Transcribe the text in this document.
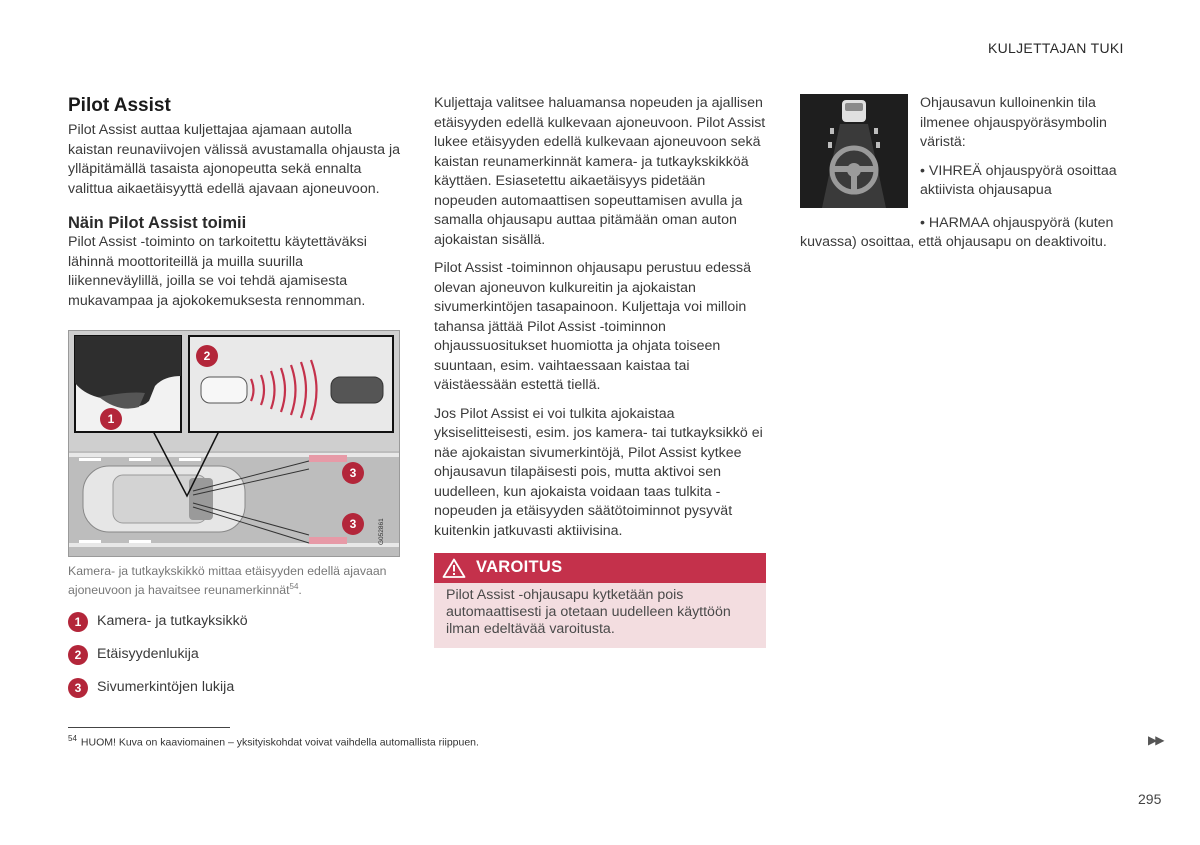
KULJETTAJAN TUKI
Pilot Assist

Pilot Assist auttaa kuljettajaa ajamaan autolla kaistan reunaviivojen välissä avustamalla ohjausta ja ylläpitämällä tasaista ajonopeutta sekä ennalta valittua aikaetäisyyttä edellä ajavaan ajoneuvoon.

Näin Pilot Assist toimii

Pilot Assist -toiminto on tarkoitettu käytettäväksi lähinnä moottoriteillä ja muilla suurilla liikenneväylillä, joilla se voi tehdä ajamisesta mukavampaa ja ajokokemuksesta rennomman.

1
2
3
3	G052861
Kamera- ja tutkaykskikkö mittaa etäisyyden edellä ajavaan ajoneuvoon ja havaitsee reunamerkinnät$^{54}$.
1	Kamera- ja tutkayksikkö
2	Etäisyydenlukija
3	Sivumerkintöjen lukija

Kuljettaja valitsee haluamansa nopeuden ja ajallisen etäisyyden edellä kulkevaan ajoneuvoon. Pilot Assist lukee etäisyyden edellä kulkevaan ajoneuvoon sekä kaistan reunamerkinnät kamera- ja tutkaykskikköä käyttäen. Esiasetettu aikaetäisyys pidetään nopeuden automaattisen sopeuttamisen avulla ja samalla ohjausapu auttaa pitämään oman auton ajokaistan sisällä.

Pilot Assist -toiminnon ohjausapu perustuu edessä olevan ajoneuvon kulkureitin ja ajokaistan sivumerkintöjen tasapainoon. Kuljettaja voi milloin tahansa jättää Pilot Assist -toiminnon ohjaussuositukset huomiotta ja ohjata toiseen suuntaan, esim. vaihtaessaan kaistaa tai väistäessään estettä tiellä.

Jos Pilot Assist ei voi tulkita ajokaistaa yksiselitteisesti, esim. jos kamera- tai tutkayksikkö ei näe ajokaistan sivumerkintöjä, Pilot Assist kytkee ohjausavun tilapäisesti pois, mutta aktivoi sen uudelleen, kun ajokaista voidaan taas tulkita - nopeuden ja etäisyyden säätötoiminnot pysyvät kuitenkin jatkuvasti aktiivisina.

VAROITUS
Pilot Assist -ohjausapu kytketään pois automaattisesti ja otetaan uudelleen käyttöön ilman edeltävää varoitusta.

Ohjausavun kulloinenkin tila ilmenee ohjauspyöräsymbolin väristä:

• VIHREÄ ohjauspyörä osoittaa aktiivista ohjausapua

• HARMAA ohjauspyörä (kuten kuvassa) osoittaa, että ohjausapu on deaktivoitu.

$^{54}$ HUOM! Kuva on kaaviomainen – yksityiskohdat voivat vaihdella automallista riippuen.	▶▶
295
